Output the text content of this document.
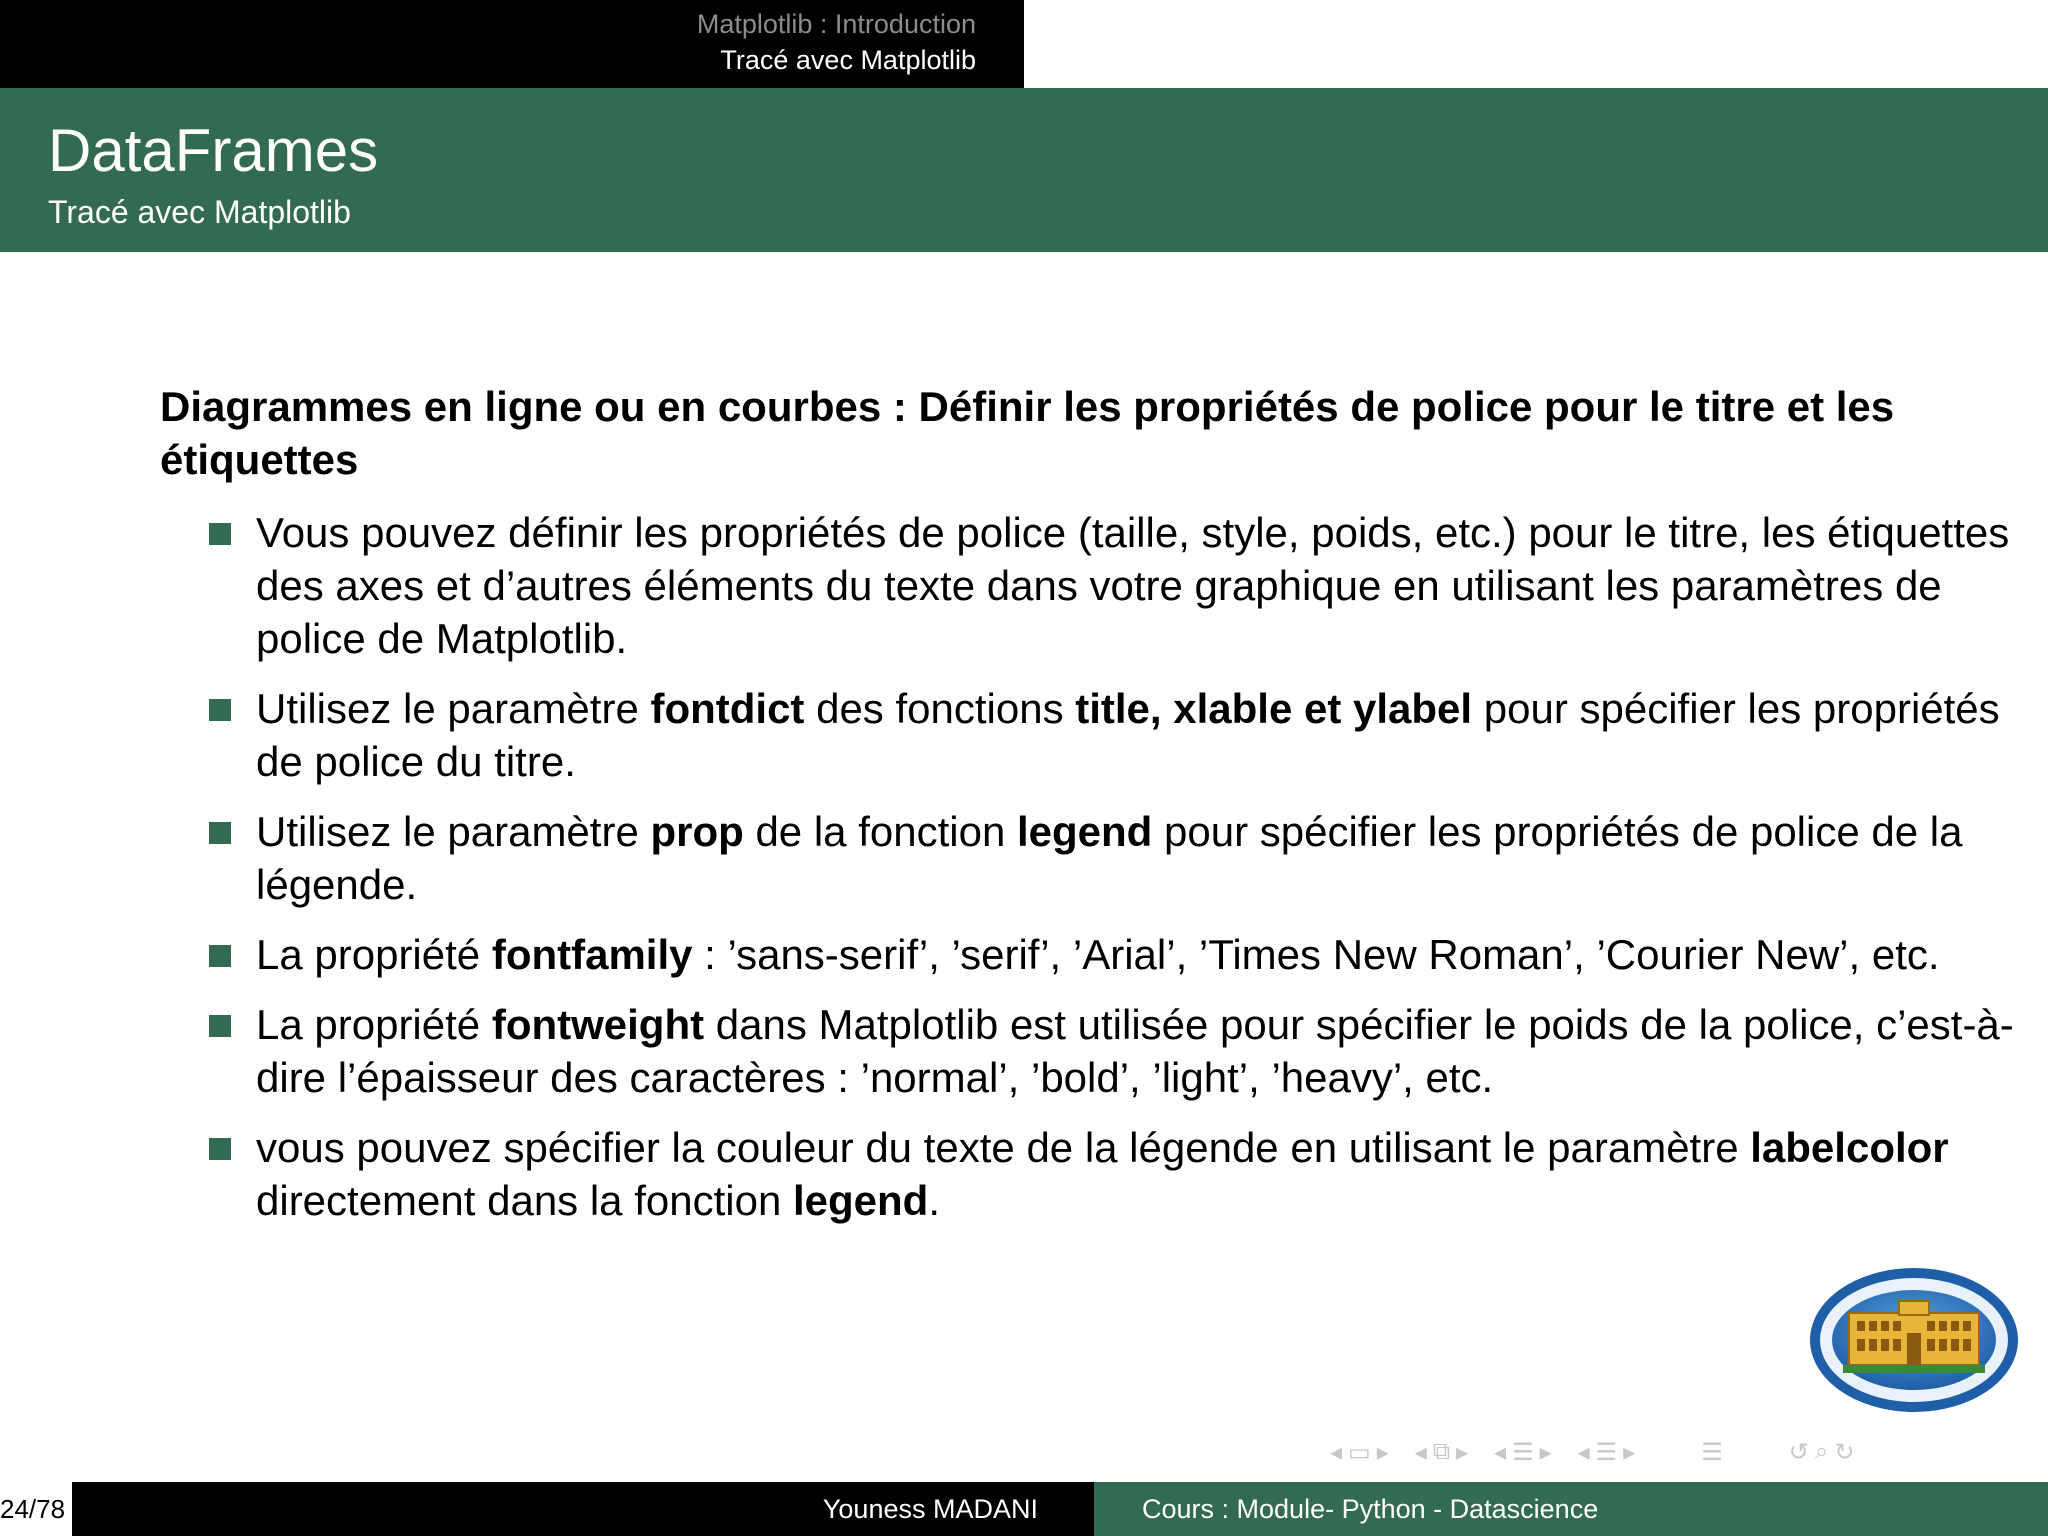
Matplotlib : Introduction
Tracé avec Matplotlib
DataFrames
Tracé avec Matplotlib
Diagrammes en ligne ou en courbes : Définir les propriétés de police pour le titre et les étiquettes
Vous pouvez définir les propriétés de police (taille, style, poids, etc.) pour le titre, les étiquettes des axes et d’autres éléments du texte dans votre graphique en utilisant les paramètres de police de Matplotlib.
Utilisez le paramètre fontdict des fonctions title, xlable et ylabel pour spécifier les propriétés de police du titre.
Utilisez le paramètre prop de la fonction legend pour spécifier les propriétés de police de la légende.
La propriété fontfamily : ’sans-serif’, ’serif’, ’Arial’, ’Times New Roman’, ’Courier New’, etc.
La propriété fontweight dans Matplotlib est utilisée pour spécifier le poids de la police, c’est-à-dire l’épaisseur des caractères : ’normal’, ’bold’, ’light’, ’heavy’, etc.
vous pouvez spécifier la couleur du texte de la légende en utilisant le paramètre labelcolor directement dans la fonction legend.
◂ ▭ ▸ ◂ ⧉ ▸ ◂ ☰ ▸ ◂ ☰ ▸	☰	↺ ⌕ ↻
24/78	Youness MADANI	Cours : Module- Python - Datascience
